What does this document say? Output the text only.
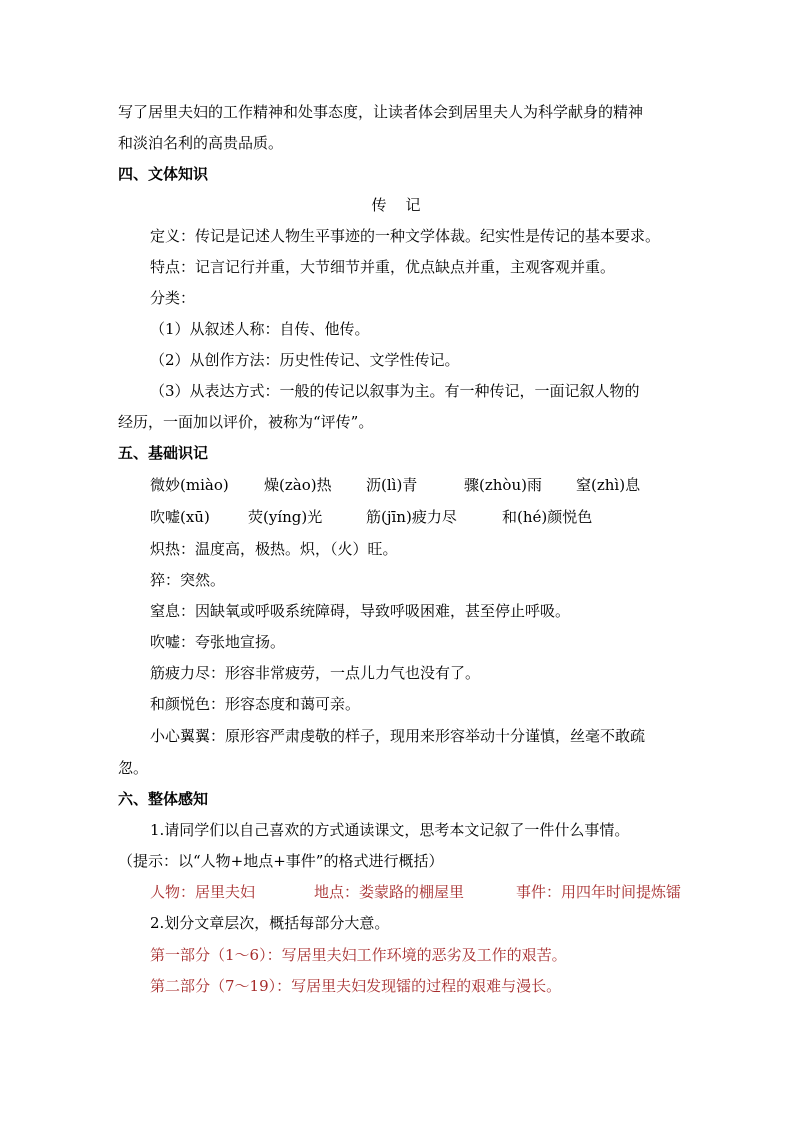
写了居里夫妇的工作精神和处事态度，让读者体会到居里夫人为科学献身的精神
和淡泊名利的高贵品质。
四、文体知识
传　记
定义：传记是记述人物生平事迹的一种文学体裁。纪实性是传记的基本要求。
特点：记言记行并重，大节细节并重，优点缺点并重，主观客观并重。
分类：
（1）从叙述人称：自传、他传。
（2）从创作方法：历史性传记、文学性传记。
（3）从表达方式：一般的传记以叙事为主。有一种传记，一面记叙人物的
经历，一面加以评价，被称为“评传”。
五、基础识记
微妙(miào) 燥(zào)热 沥(lì)青	骤(zhòu)雨 窒(zhì)息
吹嘘(xū)	荧(yíng)光	筋(jīn)疲力尽	和(hé)颜悦色
炽热：温度高，极热。炽，（火）旺。
猝：突然。
窒息：因缺氧或呼吸系统障碍，导致呼吸困难，甚至停止呼吸。
吹嘘：夸张地宣扬。
筋疲力尽：形容非常疲劳，一点儿力气也没有了。
和颜悦色：形容态度和蔼可亲。
小心翼翼：原形容严肃虔敬的样子，现用来形容举动十分谨慎，丝毫不敢疏
忽。
六、整体感知
1.请同学们以自己喜欢的方式通读课文，思考本文记叙了一件什么事情。
（提示：以“人物+地点+事件”的格式进行概括）
人物：居里夫妇	地点：娄蒙路的棚屋里	事件：用四年时间提炼镭
2.划分文章层次，概括每部分大意。
第一部分（1～6）：写居里夫妇工作环境的恶劣及工作的艰苦。
第二部分（7～19）：写居里夫妇发现镭的过程的艰难与漫长。
